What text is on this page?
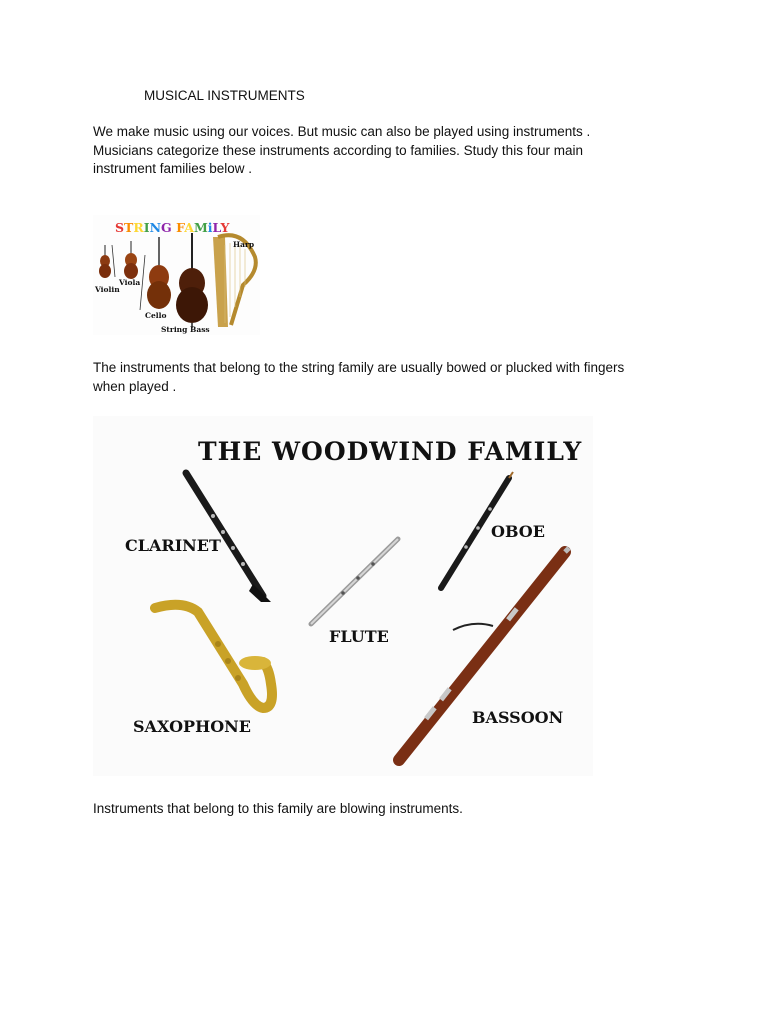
MUSICAL INSTRUMENTS
We make music using our voices. But music can also be played using instruments .
Musicians categorize these instruments according to families. Study this four main
instrument families below .
STRING FAMiLY
Violin
Viola
Cello
String Bass
Harp
The instruments that belong to the string family are usually bowed or plucked with fingers
when played .
THE WOODWIND FAMILY
CLARINET
OBOE
FLUTE
SAXOPHONE	BASSOON
Instruments that belong to this family are blowing instruments.
